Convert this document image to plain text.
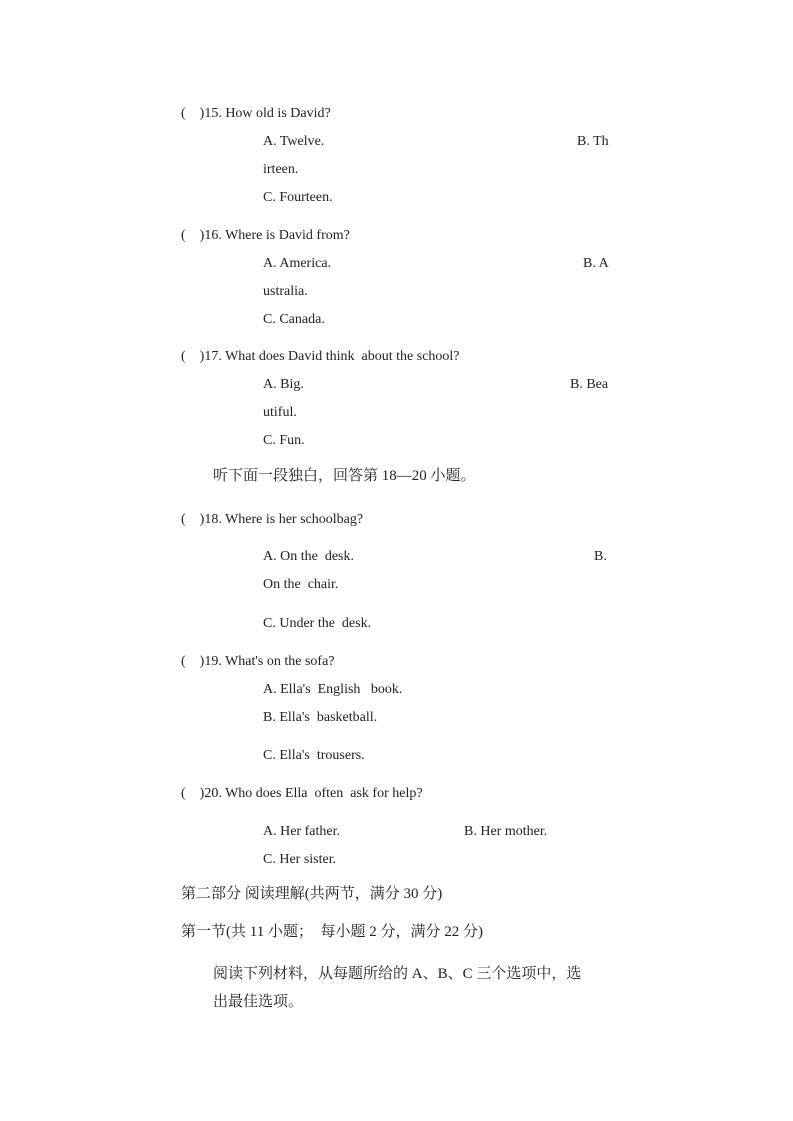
(    )15. How old is David?
A. Twelve.	B. Th
irteen.
C. Fourteen.
(    )16. Where is David from?
A. America.	B. A
ustralia.
C. Canada.
(    )17. What does David think  about the school?
A. Big.	B. Bea
utiful.
C. Fun.
听下面一段独白，回答第 18—20 小题。
(    )18. Where is her schoolbag?
A. On the  desk.	B.
On the  chair.
C. Under the  desk.
(    )19. What's on the sofa?
A. Ella's  English   book.
B. Ella's  basketball.
C. Ella's  trousers.
(    )20. Who does Ella  often  ask for help?
A. Her father.	B. Her mother.
C. Her sister.
第二部分 阅读理解(共两节，满分 30 分)
第一节(共 11 小题；  每小题 2 分，满分 22 分)
阅读下列材料，从每题所给的 A、B、C 三个选项中，选
出最佳选项。
